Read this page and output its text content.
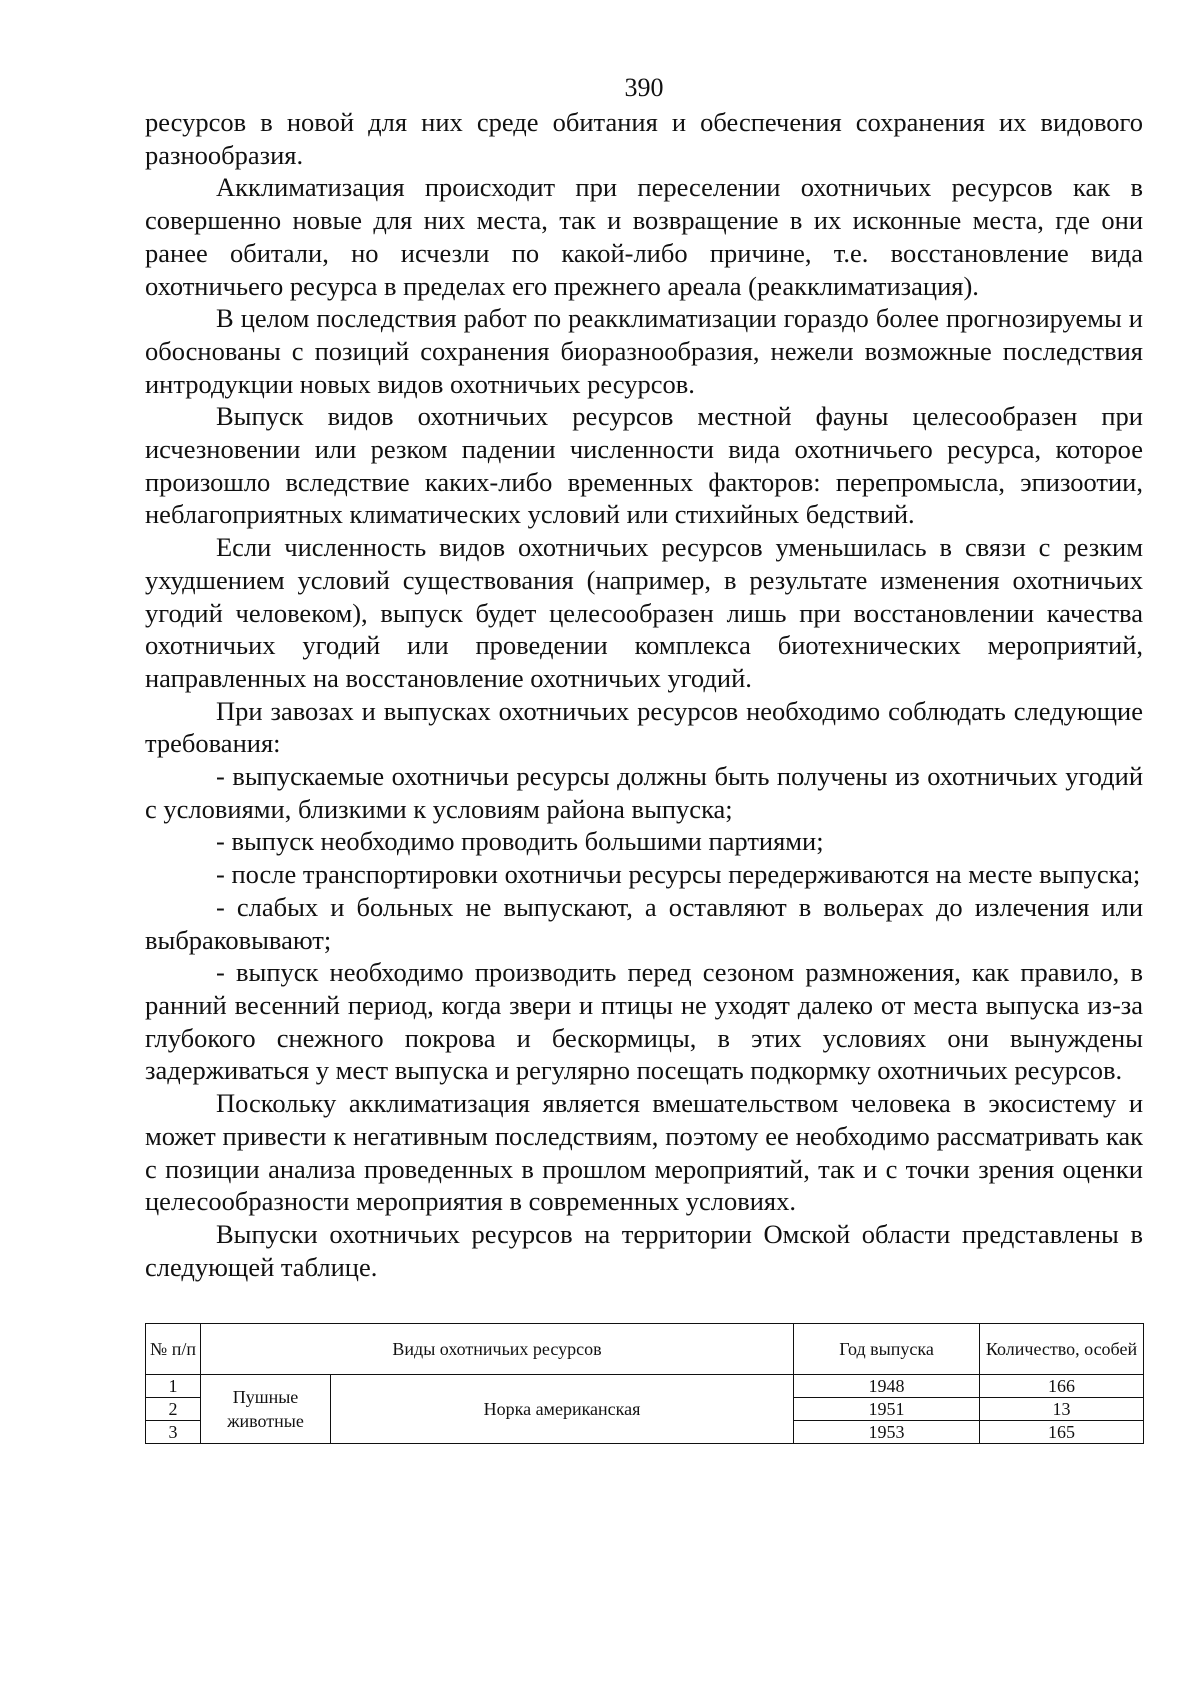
390

ресурсов в новой для них среде обитания и обеспечения сохранения их видового разнообразия.

Акклиматизация происходит при переселении охотничьих ресурсов как в совершенно новые для них места, так и возвращение в их исконные места, где они ранее обитали, но исчезли по какой-либо причине, т.е. восстановление вида охотничьего ресурса в пределах его прежнего ареала (реакклиматизация).

В целом последствия работ по реакклиматизации гораздо более прогнозируемы и обоснованы с позиций сохранения биоразнообразия, нежели возможные последствия интродукции новых видов охотничьих ресурсов.

Выпуск видов охотничьих ресурсов местной фауны целесообразен при исчезновении или резком падении численности вида охотничьего ресурса, которое произошло вследствие каких-либо временных факторов: перепромысла, эпизоотии, неблагоприятных климатических условий или стихийных бедствий.

Если численность видов охотничьих ресурсов уменьшилась в связи с резким ухудшением условий существования (например, в результате изменения охотничьих угодий человеком), выпуск будет целесообразен лишь при восстановлении качества охотничьих угодий или проведении комплекса биотехнических мероприятий, направленных на восстановление охотничьих угодий.

При завозах и выпусках охотничьих ресурсов необходимо соблюдать следующие требования:

- выпускаемые охотничьи ресурсы должны быть получены из охотничьих угодий с условиями, близкими к условиям района выпуска;

- выпуск необходимо проводить большими партиями;

- после транспортировки охотничьи ресурсы передерживаются на месте выпуска;

- слабых и больных не выпускают, а оставляют в вольерах до излечения или выбраковывают;

- выпуск необходимо производить перед сезоном размножения, как правило, в ранний весенний период, когда звери и птицы не уходят далеко от места выпуска из-за глубокого снежного покрова и бескормицы, в этих условиях они вынуждены задерживаться у мест выпуска и регулярно посещать подкормку охотничьих ресурсов.

Поскольку акклиматизация является вмешательством человека в экосистему и может привести к негативным последствиям, поэтому ее необходимо рассматривать как с позиции анализа проведенных в прошлом мероприятий, так и с точки зрения оценки целесообразности мероприятия в современных условиях.

Выпуски охотничьих ресурсов на территории Омской области представлены в следующей таблице.

№ п/п	Виды охотничьих ресурсов		Год выпуска	Количество, особей
1	Пушные животные	Норка американская	1948	166
2			1951	13
3			1953	165
